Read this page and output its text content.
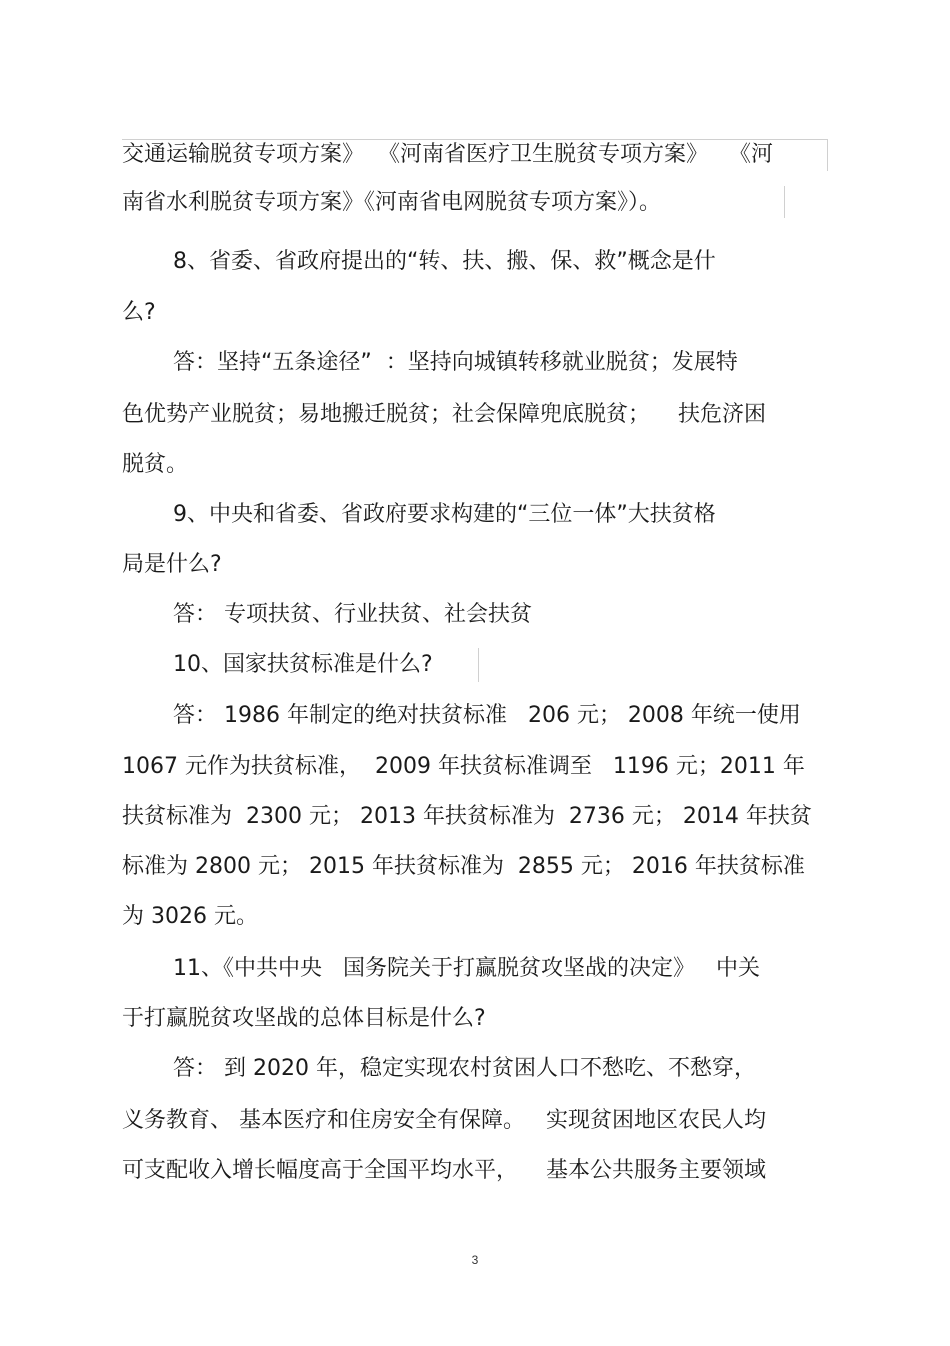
交通运输脱贫专项方案》  《河南省医疗卫生脱贫专项方案》   《河

南省水利脱贫专项方案》《河南省电网脱贫专项方案》）。

8、省委、省政府提出的“转、扶、搬、保、救”概念是什

么?

答：坚持“五条途径”  ：坚持向城镇转移就业脱贫；发展特

色优势产业脱贫；易地搬迁脱贫；社会保障兜底脱贫；    扶危济困

脱贫。

9、中央和省委、省政府要求构建的“三位一体”大扶贫格

局是什么?

答： 专项扶贫、行业扶贫、社会扶贫

10、国家扶贫标准是什么?

答： 1986 年制定的绝对扶贫标准   206 元； 2008 年统一使用

1067 元作为扶贫标准，  2009 年扶贫标准调至   1196 元；2011 年

扶贫标准为  2300 元； 2013 年扶贫标准为  2736 元； 2014 年扶贫

标准为 2800 元； 2015 年扶贫标准为  2855 元； 2016 年扶贫标准

为 3026 元。

11、《中共中央   国务院关于打赢脱贫攻坚战的决定》   中关

于打赢脱贫攻坚战的总体目标是什么?

答： 到 2020 年，稳定实现农村贫困人口不愁吃、不愁穿，

义务教育、 基本医疗和住房安全有保障。   实现贫困地区农民人均

可支配收入增长幅度高于全国平均水平，    基本公共服务主要领域

3
